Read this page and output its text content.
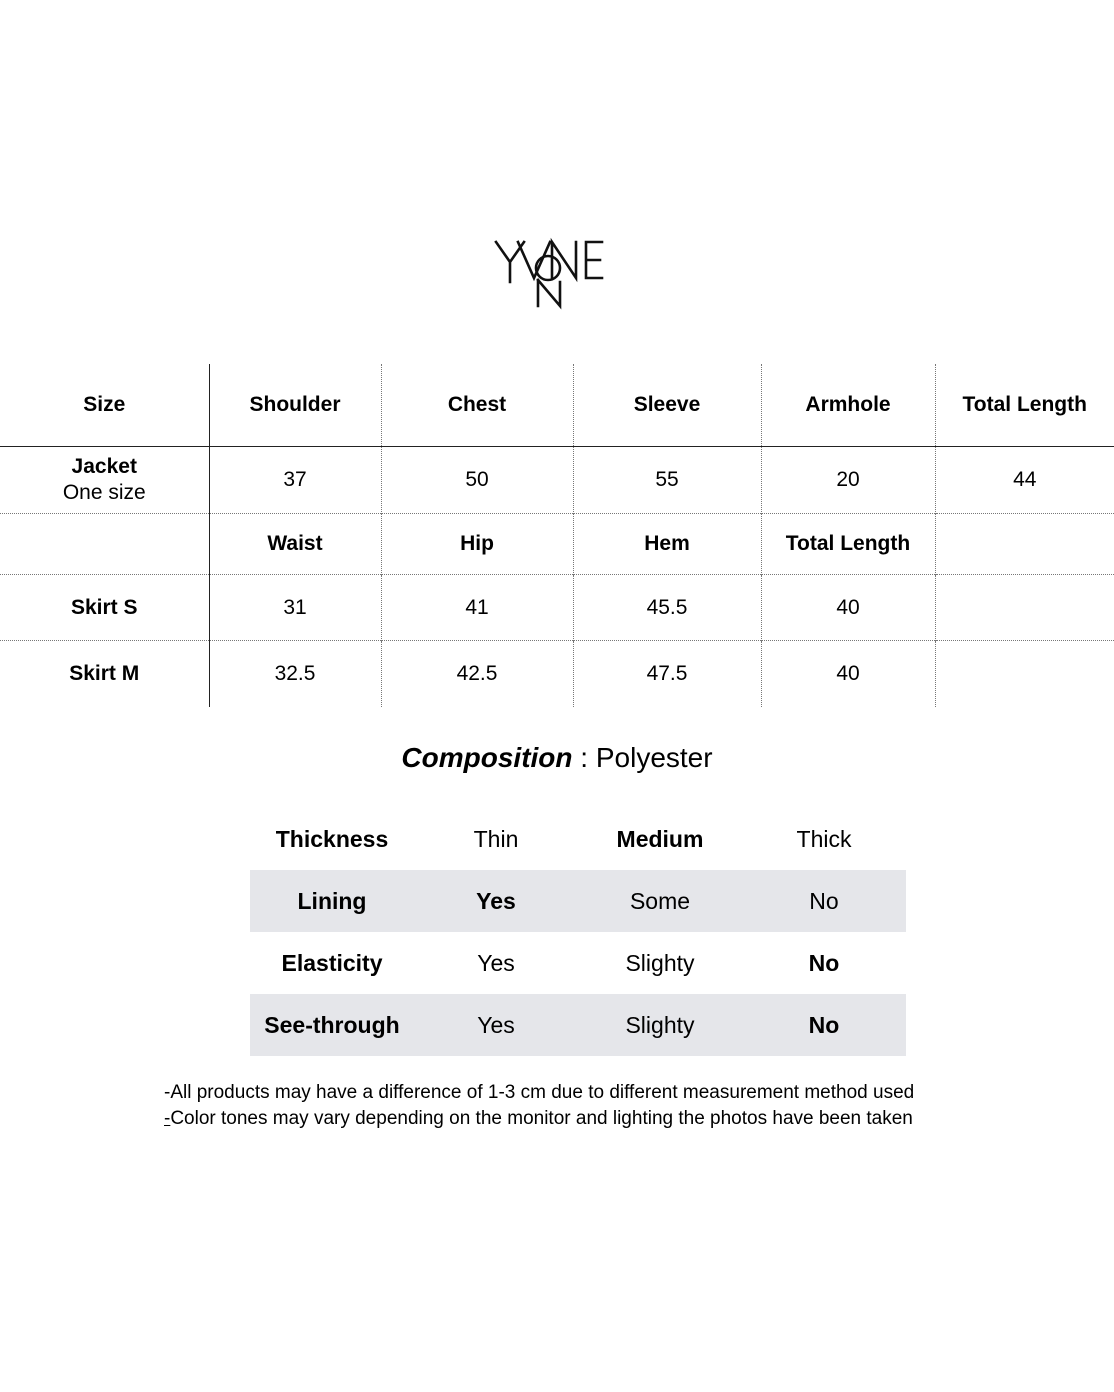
Size	Shoulder	Chest	Sleeve	Armhole	Total Length

Jacket
One size	37	50	55	20	44
	Waist	Hip	Hem	Total Length	
Skirt S	31	41	45.5	40	
Skirt M	32.5	42.5	47.5	40	
Composition : Polyester
Thickness	Thin	Medium	Thick
Lining	Yes	Some	No
Elasticity	Yes	Slighty	No
See-through	Yes	Slighty	No
-All products may have a difference of 1-3 cm due to different measurement method used
-Color tones may vary depending on the monitor and lighting the photos have been taken
